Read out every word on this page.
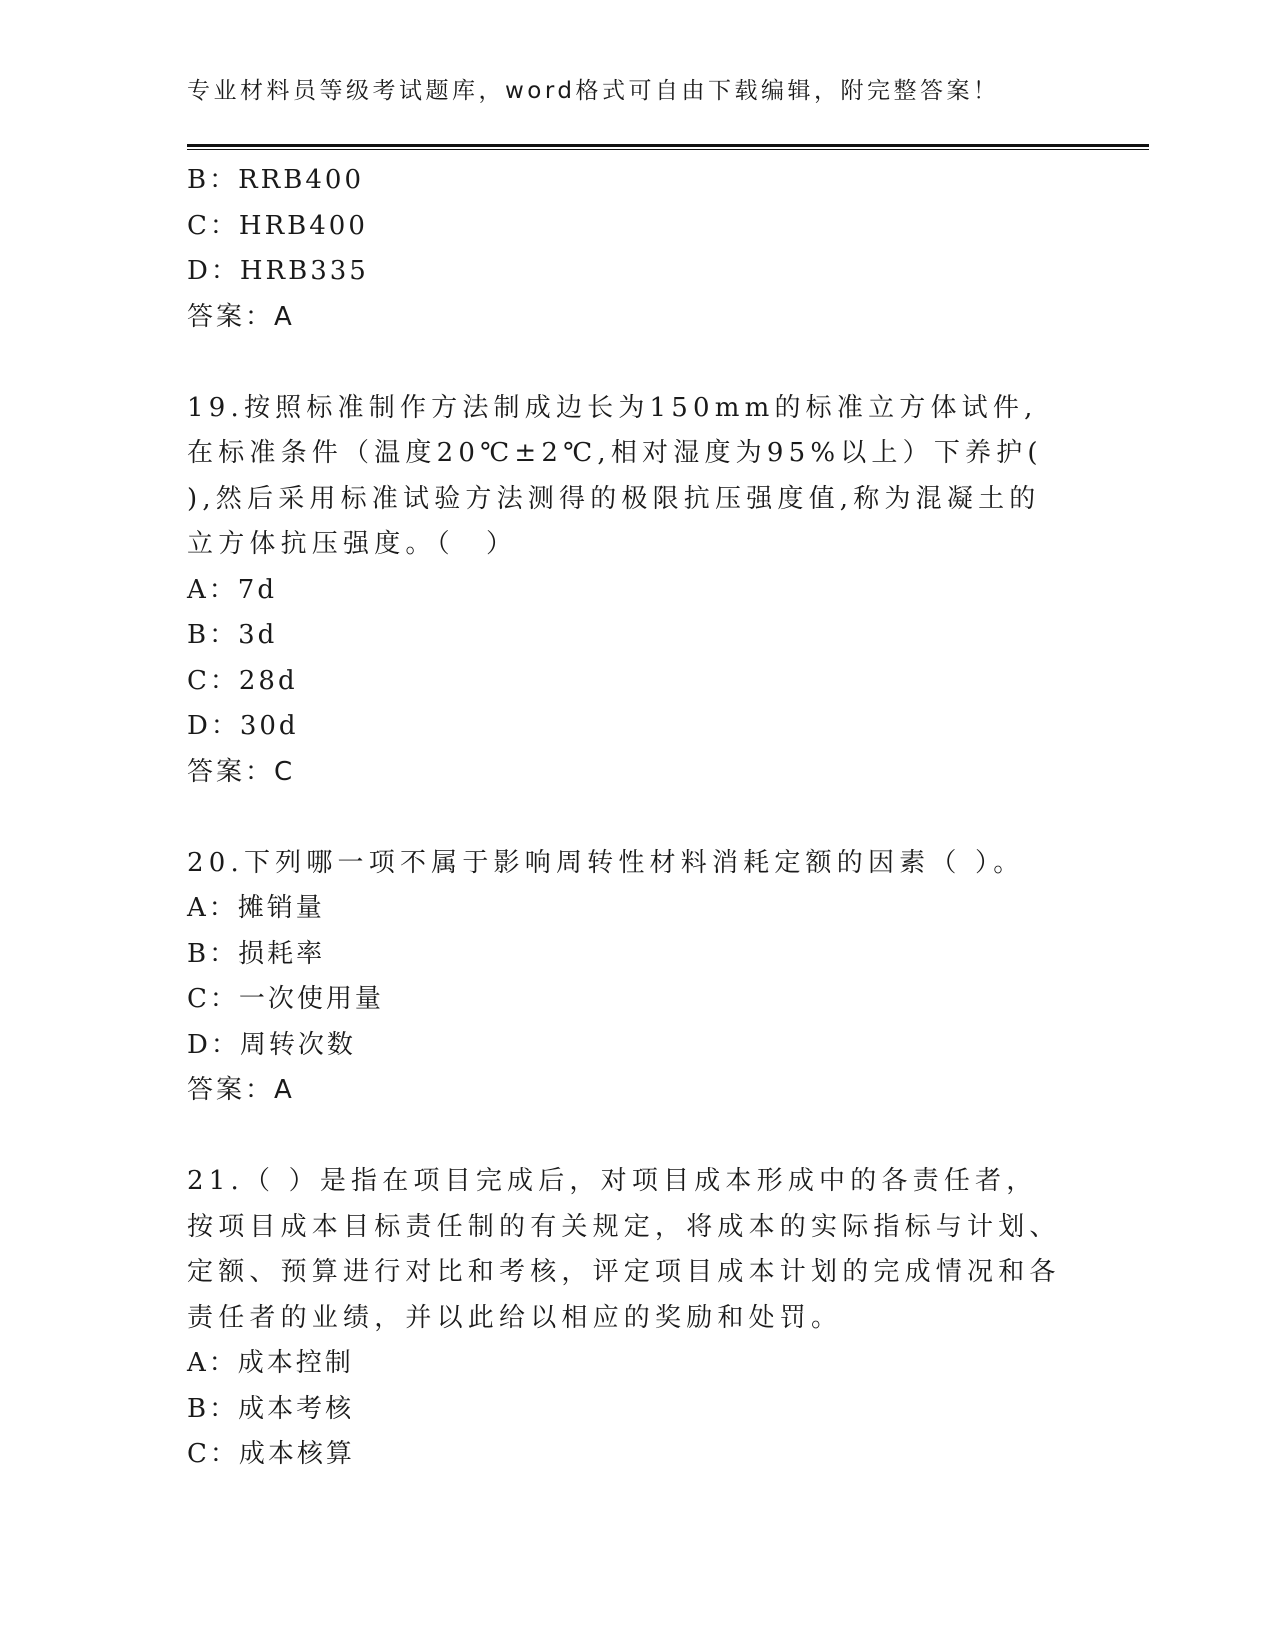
专业材料员等级考试题库，word格式可自由下载编辑，附完整答案！
B：RRB400
C：HRB400
D：HRB335
答案：A
19.按照标准制作方法制成边长为150mm的标准立方体试件,在标准条件（温度20℃±2℃,相对湿度为95%以上）下养护( ),然后采用标准试验方法测得的极限抗压强度值,称为混凝土的立方体抗压强度。（　）
A：7d
B：3d
C：28d
D：30d
答案：C
20.下列哪一项不属于影响周转性材料消耗定额的因素（ ）。
A：摊销量
B：损耗率
C：一次使用量
D：周转次数
答案：A
21.（ ）是指在项目完成后，对项目成本形成中的各责任者，按项目成本目标责任制的有关规定，将成本的实际指标与计划、定额、预算进行对比和考核，评定项目成本计划的完成情况和各责任者的业绩，并以此给以相应的奖励和处罚。
A：成本控制
B：成本考核
C：成本核算
